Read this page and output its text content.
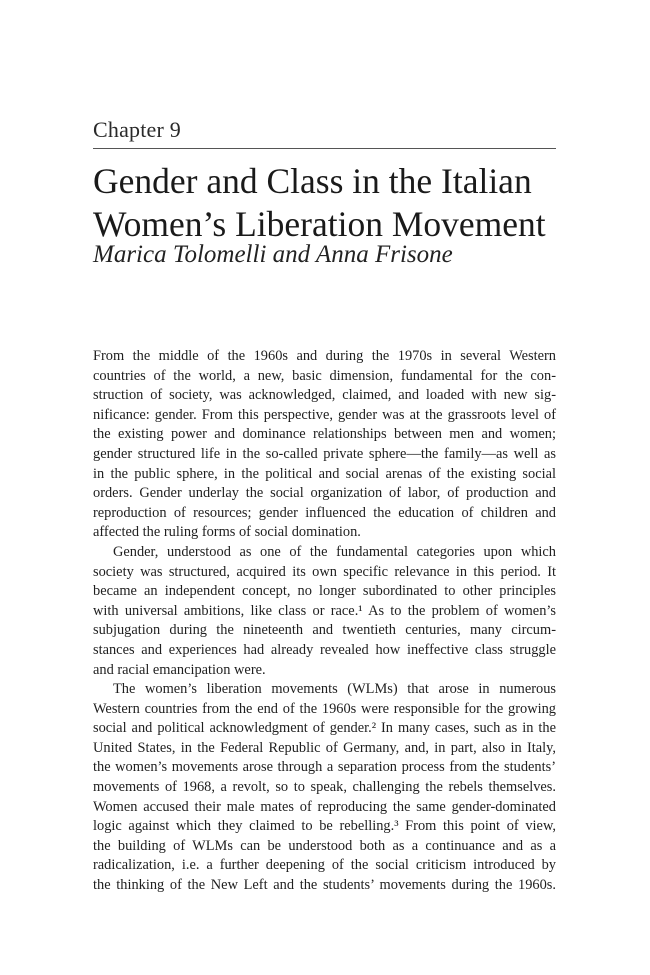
Chapter 9
Gender and Class in the Italian
Women’s Liberation Movement
Marica Tolomelli and Anna Frisone
From the middle of the 1960s and during the 1970s in several Western
countries of the world, a new, basic dimension, fundamental for the con-
struction of society, was acknowledged, claimed, and loaded with new sig-
nificance: gender. From this perspective, gender was at the grassroots level of
the existing power and dominance relationships between men and women;
gender structured life in the so-called private sphere—the family—as well as
in the public sphere, in the political and social arenas of the existing social
orders. Gender underlay the social organization of labor, of production and
reproduction of resources; gender influenced the education of children and
affected the ruling forms of social domination.
Gender, understood as one of the fundamental categories upon which
society was structured, acquired its own specific relevance in this period. It
became an independent concept, no longer subordinated to other principles
with universal ambitions, like class or race.¹ As to the problem of women’s
subjugation during the nineteenth and twentieth centuries, many circum-
stances and experiences had already revealed how ineffective class struggle
and racial emancipation were.
The women’s liberation movements (WLMs) that arose in numerous
Western countries from the end of the 1960s were responsible for the growing
social and political acknowledgment of gender.² In many cases, such as in the
United States, in the Federal Republic of Germany, and, in part, also in Italy,
the women’s movements arose through a separation process from the students’
movements of 1968, a revolt, so to speak, challenging the rebels themselves.
Women accused their male mates of reproducing the same gender-dominated
logic against which they claimed to be rebelling.³ From this point of view,
the building of WLMs can be understood both as a continuance and as a
radicalization, i.e. a further deepening of the social criticism introduced by
the thinking of the New Left and the students’ movements during the 1960s.
